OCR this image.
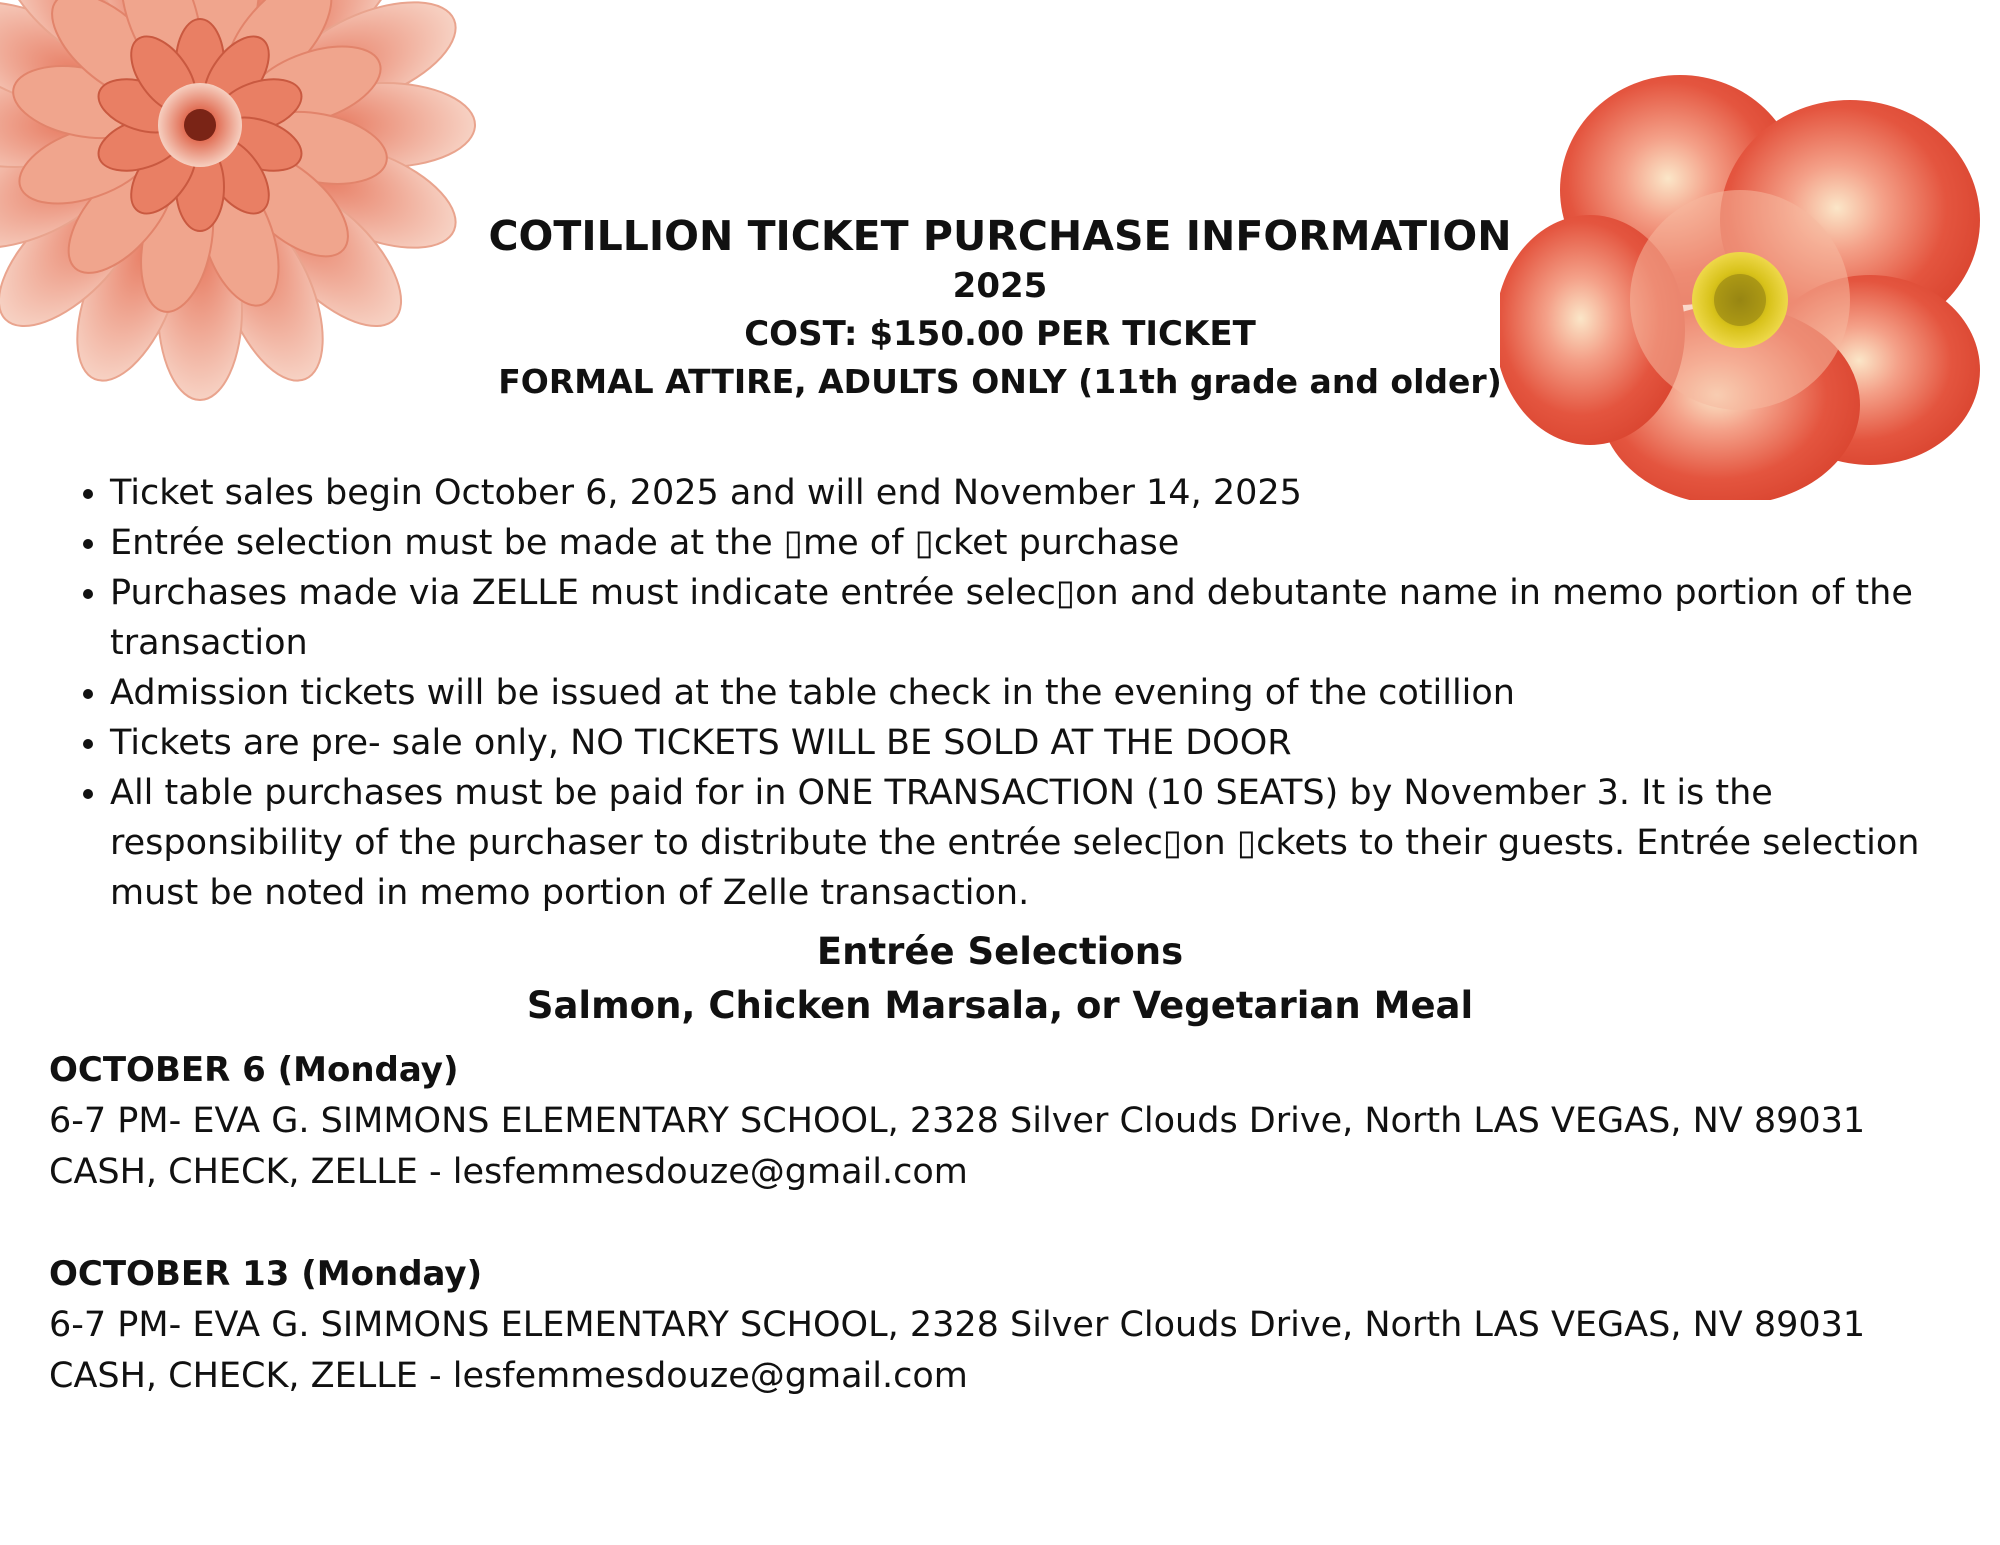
COTILLION TICKET PURCHASE INFORMATION
2025
COST: $150.00 PER TICKET
FORMAL ATTIRE, ADULTS ONLY (11th grade and older)
• Ticket sales begin October 6, 2025 and will end November 14, 2025
• Entrée selection must be made at the ▯‍me of ▯‍cket purchase
• Purchases made via ZELLE must indicate entrée selec▯on and debutante name in memo portion of the transaction
• Admission tickets will be issued at the table check in the evening of the cotillion
• Tickets are pre- sale only, NO TICKETS WILL BE SOLD AT THE DOOR
• All table purchases must be paid for in ONE TRANSACTION (10 SEATS) by November 3. It is the responsibility of the purchaser to distribute the entrée selec▯on ▯ckets to their guests. Entrée selection must be noted in memo portion of Zelle transaction.
Entrée Selections
Salmon, Chicken Marsala, or Vegetarian Meal
OCTOBER 6 (Monday)
6-7 PM- EVA G. SIMMONS ELEMENTARY SCHOOL, 2328 Silver Clouds Drive, North LAS VEGAS, NV 89031 CASH, CHECK, ZELLE - lesfemmesdouze@gmail.com
OCTOBER 13 (Monday)
6-7 PM- EVA G. SIMMONS ELEMENTARY SCHOOL, 2328 Silver Clouds Drive, North LAS VEGAS, NV 89031 CASH, CHECK, ZELLE - lesfemmesdouze@gmail.com
